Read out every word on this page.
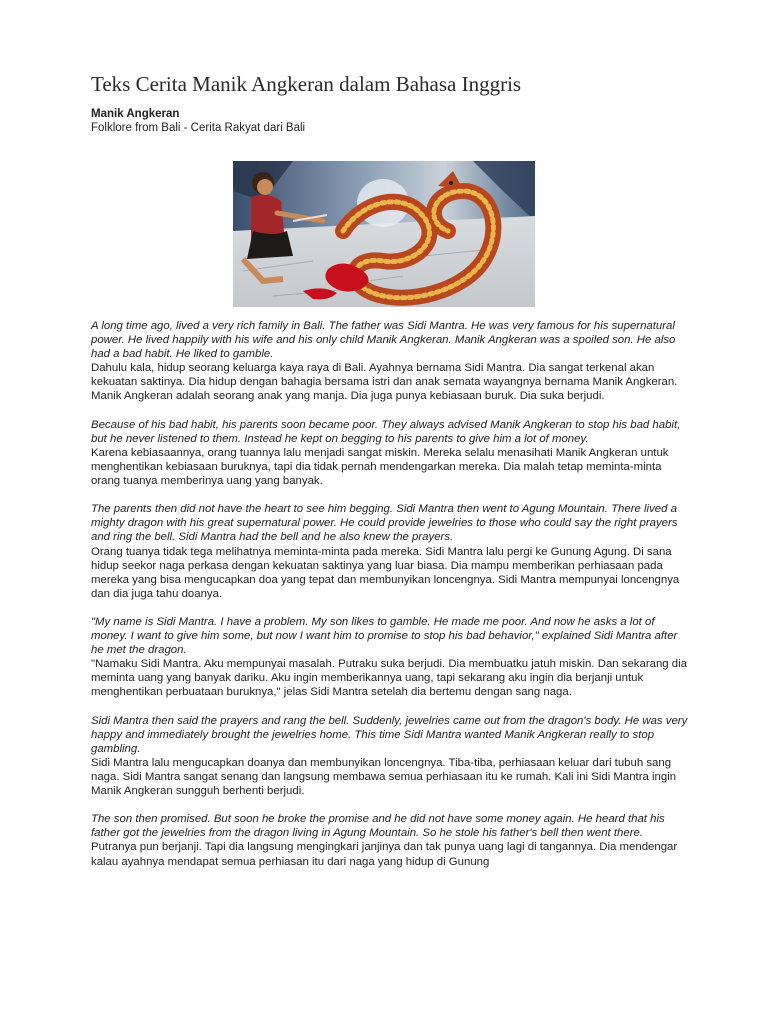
Teks Cerita Manik Angkeran dalam Bahasa Inggris
Manik Angkeran
Folklore from Bali - Cerita Rakyat dari Bali

A long time ago, lived a very rich family in Bali. The father was Sidi Mantra. He was very famous for his supernatural power. He lived happily with his wife and his only child Manik Angkeran. Manik Angkeran was a spoiled son. He also had a bad habit. He liked to gamble.
Dahulu kala, hidup seorang keluarga kaya raya di Bali. Ayahnya bernama Sidi Mantra. Dia sangat terkenal akan kekuatan saktinya. Dia hidup dengan bahagia bersama istri dan anak semata wayangnya bernama Manik Angkeran. Manik Angkeran adalah seorang anak yang manja. Dia juga punya kebiasaan buruk. Dia suka berjudi.

Because of his bad habit, his parents soon became poor. They always advised Manik Angkeran to stop his bad habit, but he never listened to them. Instead he kept on begging to his parents to give him a lot of money.
Karena kebiasaannya, orang tuannya lalu menjadi sangat miskin. Mereka selalu menasihati Manik Angkeran untuk menghentikan kebiasaan buruknya, tapi dia tidak pernah mendengarkan mereka. Dia malah tetap meminta-minta orang tuanya memberinya uang yang banyak.

The parents then did not have the heart to see him begging. Sidi Mantra then went to Agung Mountain. There lived a mighty dragon with his great supernatural power. He could provide jewelries to those who could say the right prayers and ring the bell. Sidi Mantra had the bell and he also knew the prayers.
Orang tuanya tidak tega melihatnya meminta-minta pada mereka. Sidi Mantra lalu pergi ke Gunung Agung. Di sana hidup seekor naga perkasa dengan kekuatan saktinya yang luar biasa. Dia mampu memberikan perhiasaan pada mereka yang bisa mengucapkan doa yang tepat dan membunyikan loncengnya. Sidi Mantra mempunyai loncengnya dan dia juga tahu doanya.

"My name is Sidi Mantra. I have a problem. My son likes to gamble. He made me poor. And now he asks a lot of money. I want to give him some, but now I want him to promise to stop his bad behavior," explained Sidi Mantra after he met the dragon.
"Namaku Sidi Mantra. Aku mempunyai masalah. Putraku suka berjudi. Dia membuatku jatuh miskin. Dan sekarang dia meminta uang yang banyak dariku. Aku ingin memberikannya uang, tapi sekarang aku ingin dia berjanji untuk menghentikan perbuataan buruknya," jelas Sidi Mantra setelah dia bertemu dengan sang naga.

Sidi Mantra then said the prayers and rang the bell. Suddenly, jewelries came out from the dragon's body. He was very happy and immediately brought the jewelries home. This time Sidi Mantra wanted Manik Angkeran really to stop gambling.
Sidi Mantra lalu mengucapkan doanya dan membunyikan loncengnya. Tiba-tiba, perhiasaan keluar dari tubuh sang naga. Sidi Mantra sangat senang dan langsung membawa semua perhiasaan itu ke rumah. Kali ini Sidi Mantra ingin Manik Angkeran sungguh berhenti berjudi.

The son then promised. But soon he broke the promise and he did not have some money again. He heard that his father got the jewelries from the dragon living in Agung Mountain. So he stole his father's bell then went there.
Putranya pun berjanji. Tapi dia langsung mengingkari janjinya dan tak punya uang lagi di tangannya. Dia mendengar kalau ayahnya mendapat semua perhiasan itu dari naga yang hidup di Gunung
